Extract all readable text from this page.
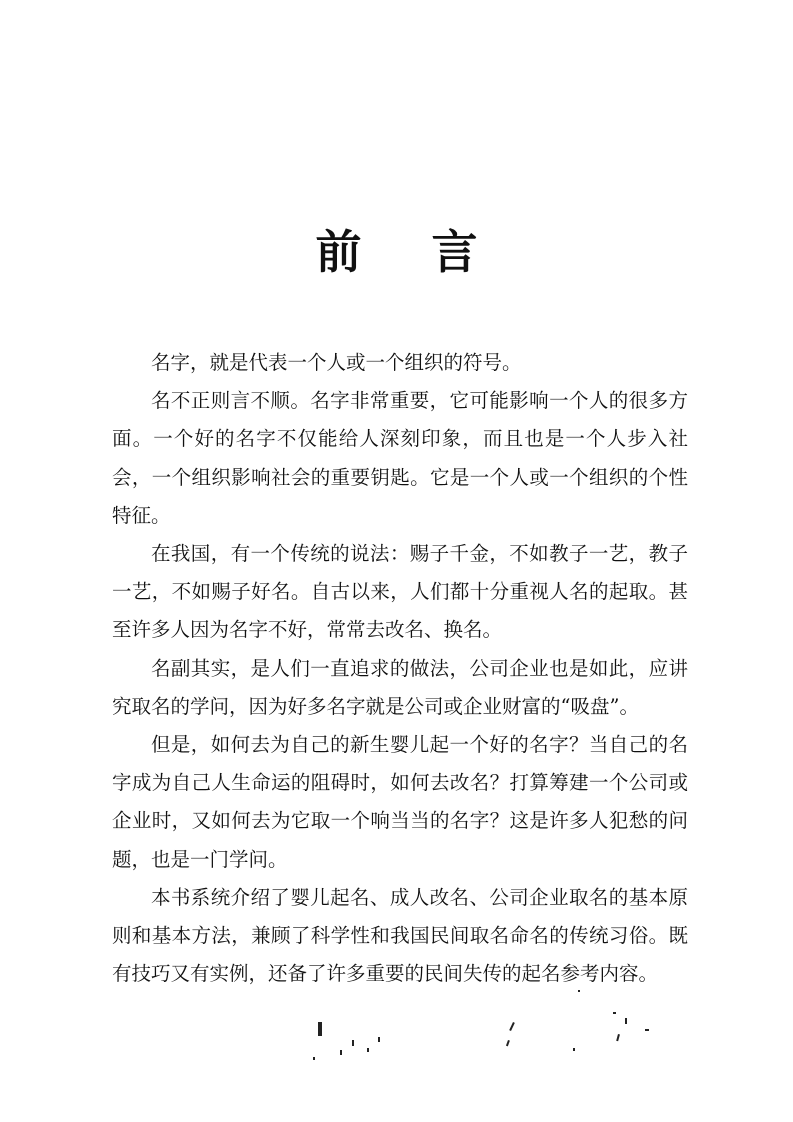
前 言

名字，就是代表一个人或一个组织的符号。

名不正则言不顺。名字非常重要，它可能影响一个人的很多方面。一个好的名字不仅能给人深刻印象，而且也是一个人步入社会，一个组织影响社会的重要钥匙。它是一个人或一个组织的个性特征。

在我国，有一个传统的说法：赐子千金，不如教子一艺，教子一艺，不如赐子好名。自古以来，人们都十分重视人名的起取。甚至许多人因为名字不好，常常去改名、换名。

名副其实，是人们一直追求的做法，公司企业也是如此，应讲究取名的学问，因为好多名字就是公司或企业财富的“吸盘”。

但是，如何去为自己的新生婴儿起一个好的名字？当自己的名字成为自己人生命运的阻碍时，如何去改名？打算筹建一个公司或企业时，又如何去为它取一个响当当的名字？这是许多人犯愁的问题，也是一门学问。

本书系统介绍了婴儿起名、成人改名、公司企业取名的基本原则和基本方法，兼顾了科学性和我国民间取名命名的传统习俗。既有技巧又有实例，还备了许多重要的民间失传的起名参考内容。
